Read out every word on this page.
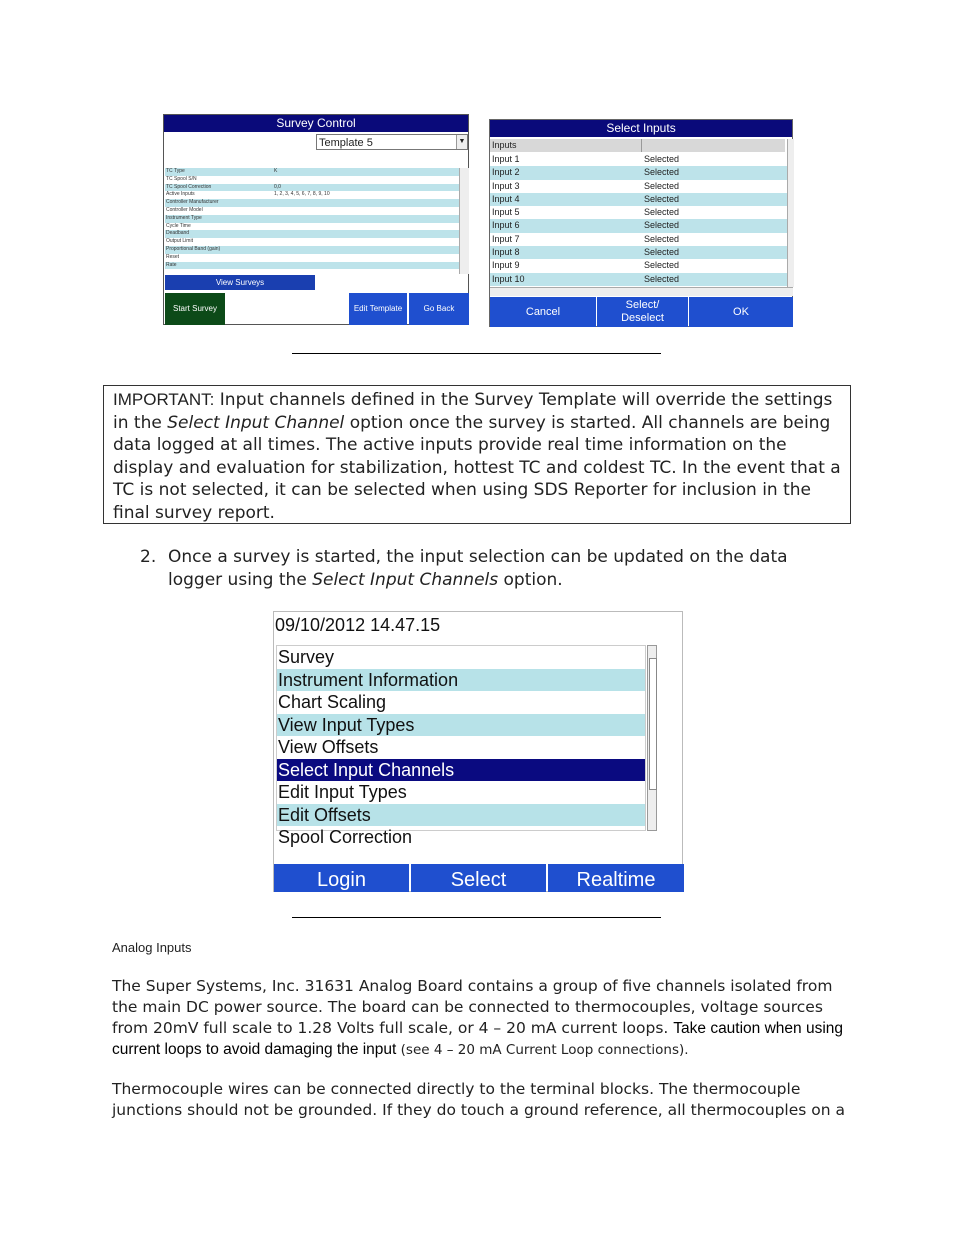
Survey Control
Template 5	▼
TC Type	K
TC Spool S/N
TC Spool Correction	0,0
Active Inputs	1, 2, 3, 4, 5, 6, 7, 8, 9, 10
Controller Manufacturer
Controller Model
Instrument Type
Cycle Time
Deadband
Output Limit
Proportional Band (gain)
Reset
Rate
View Surveys
Start Survey	Edit Template	Go Back
Select Inputs
Inputs
Input 1	Selected
Input 2	Selected
Input 3	Selected
Input 4	Selected
Input 5	Selected
Input 6	Selected
Input 7	Selected
Input 8	Selected
Input 9	Selected
Input 10	Selected
Cancel
Select/
Deselect
OK
IMPORTANT: Input channels defined in the Survey Template will override the settings in the Select Input Channel option once the survey is started. All channels are being data logged at all times. The active inputs provide real time information on the display and evaluation for stabilization, hottest TC and coldest TC. In the event that a TC is not selected, it can be selected when using SDS Reporter for inclusion in the final survey report.
2. Once a survey is started, the input selection can be updated on the data logger using the Select Input Channels option.
09/10/2012 14.47.15
Survey
Instrument Information
Chart Scaling
View Input Types
View Offsets
Select Input Channels
Edit Input Types
Edit Offsets
Spool Correction
Login	Select	Realtime
Analog Inputs
The Super Systems, Inc. 31631 Analog Board contains a group of five channels isolated from the main DC power source. The board can be connected to thermocouples, voltage sources from 20mV full scale to 1.28 Volts full scale, or 4 – 20 mA current loops. Take caution when using current loops to avoid damaging the input (see 4 – 20 mA Current Loop connections).
Thermocouple wires can be connected directly to the terminal blocks. The thermocouple junctions should not be grounded. If they do touch a ground reference, all thermocouples on a
